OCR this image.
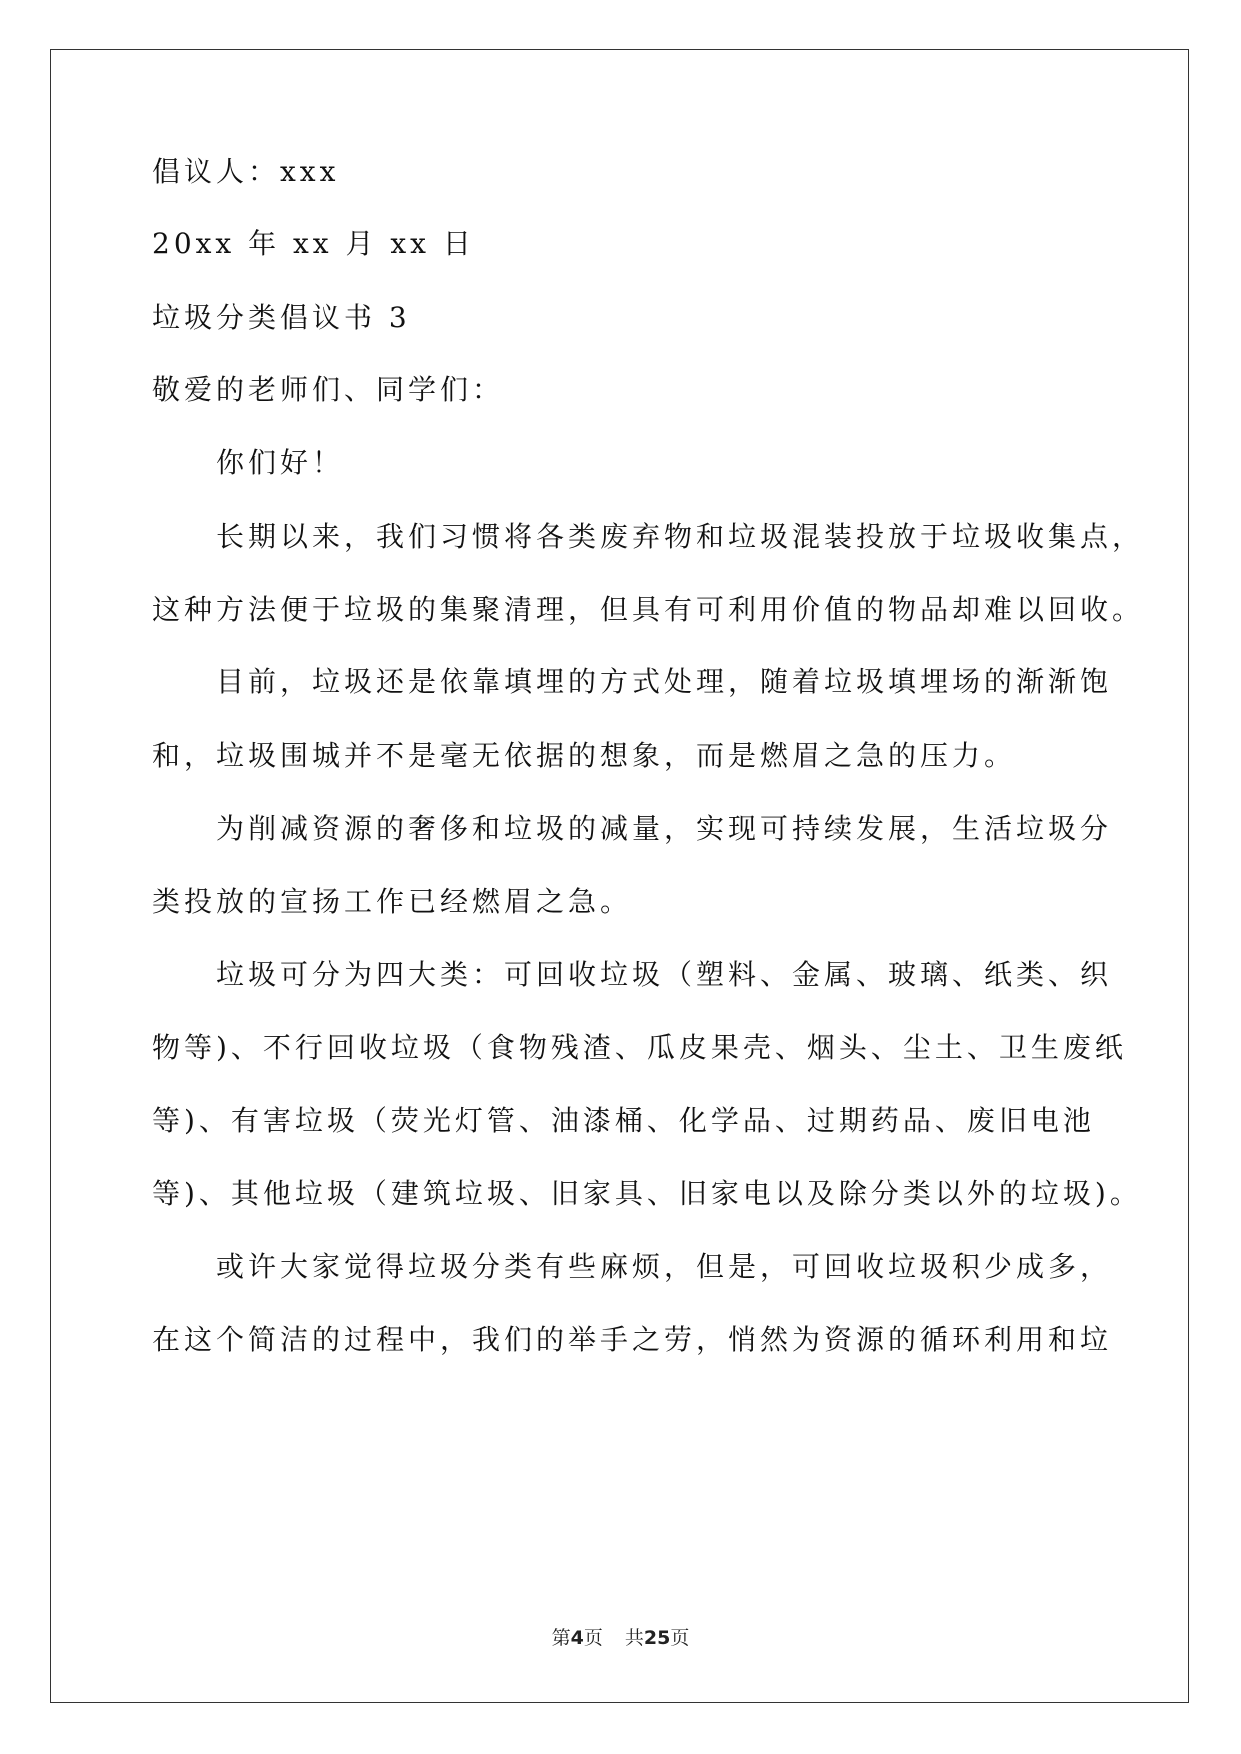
倡议人：xxx
20xx 年 xx 月 xx 日
垃圾分类倡议书 3
敬爱的老师们、同学们：
你们好！
长期以来，我们习惯将各类废弃物和垃圾混装投放于垃圾收集点，
这种方法便于垃圾的集聚清理，但具有可利用价值的物品却难以回收。
目前，垃圾还是依靠填埋的方式处理，随着垃圾填埋场的渐渐饱
和，垃圾围城并不是毫无依据的想象，而是燃眉之急的压力。
为削减资源的奢侈和垃圾的减量，实现可持续发展，生活垃圾分
类投放的宣扬工作已经燃眉之急。
垃圾可分为四大类：可回收垃圾（塑料、金属、玻璃、纸类、织
物等)、不行回收垃圾（食物残渣、瓜皮果壳、烟头、尘土、卫生废纸
等)、有害垃圾（荧光灯管、油漆桶、化学品、过期药品、废旧电池
等)、其他垃圾（建筑垃圾、旧家具、旧家电以及除分类以外的垃圾)。
或许大家觉得垃圾分类有些麻烦，但是，可回收垃圾积少成多，
在这个简洁的过程中，我们的举手之劳，悄然为资源的循环利用和垃
第4页 共25页
